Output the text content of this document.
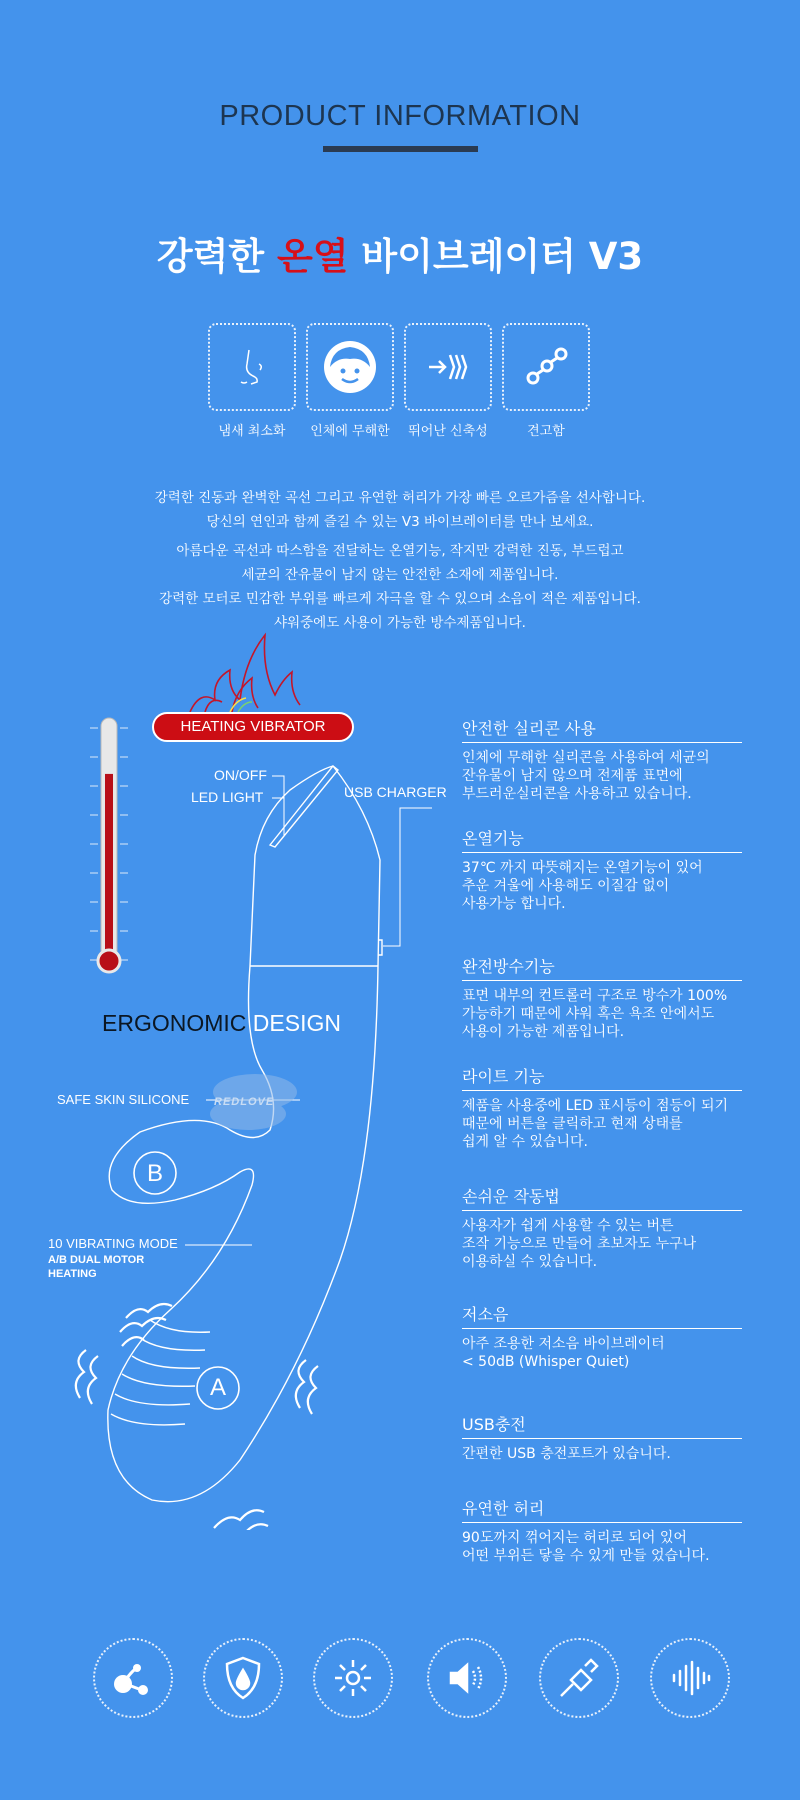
PRODUCT INFORMATION
강력한 온열 바이브레이터 V3
냄새 최소화	인체에 무해한	뛰어난 신축성	견고함
강력한 진동과 완벽한 곡선 그리고 유연한 허리가 가장 빠른 오르가즘을 선사합니다.
당신의 연인과 함께 즐길 수 있는 V3 바이브레이터를 만나 보세요.
아름다운 곡선과 따스함을 전달하는 온열기능, 작지만 강력한 진동, 부드럽고
세균의 잔유물이 남지 않는 안전한 소재에 제품입니다.
강력한 모터로 민감한 부위를 빠르게 자극을 할 수 있으며 소음이 적은 제품입니다.
샤워중에도 사용이 가능한 방수제품입니다.
HEATING VIBRATOR
ON/OFF
LED LIGHT	USB CHARGER
ERGONOMIC DESIGN
SAFE SKIN SILICONE REDLOVE
10 VIBRATING MODE
A/B DUAL MOTOR
HEATING
B
A
안전한 실리콘 사용
인체에 무해한 실리콘을 사용하여 세균의
잔유물이 남지 않으며 전제품 표면에
부드러운실리콘을 사용하고 있습니다.
온열기능
37℃ 까지 따뜻해지는 온열기능이 있어
추운 겨울에 사용해도 이질감 없이
사용가능 합니다.
완전방수기능
표면 내부의 컨트롤러 구조로 방수가 100%
가능하기 때문에 샤워 혹은 욕조 안에서도
사용이 가능한 제품입니다.
라이트 기능
제품을 사용중에 LED 표시등이 점등이 되기
때문에 버튼을 클릭하고 현재 상태를
쉽게 알 수 있습니다.
손쉬운 작동법
사용자가 쉽게 사용할 수 있는 버튼
조작 기능으로 만들어 초보자도 누구나
이용하실 수 있습니다.
저소음
아주 조용한 저소음 바이브레이터
< 50dB (Whisper Quiet)
USB충전
간편한 USB 충전포트가 있습니다.
유연한 허리
90도까지 꺾어지는 허리로 되어 있어
어떤 부위든 닿을 수 있게 만들 었습니다.
